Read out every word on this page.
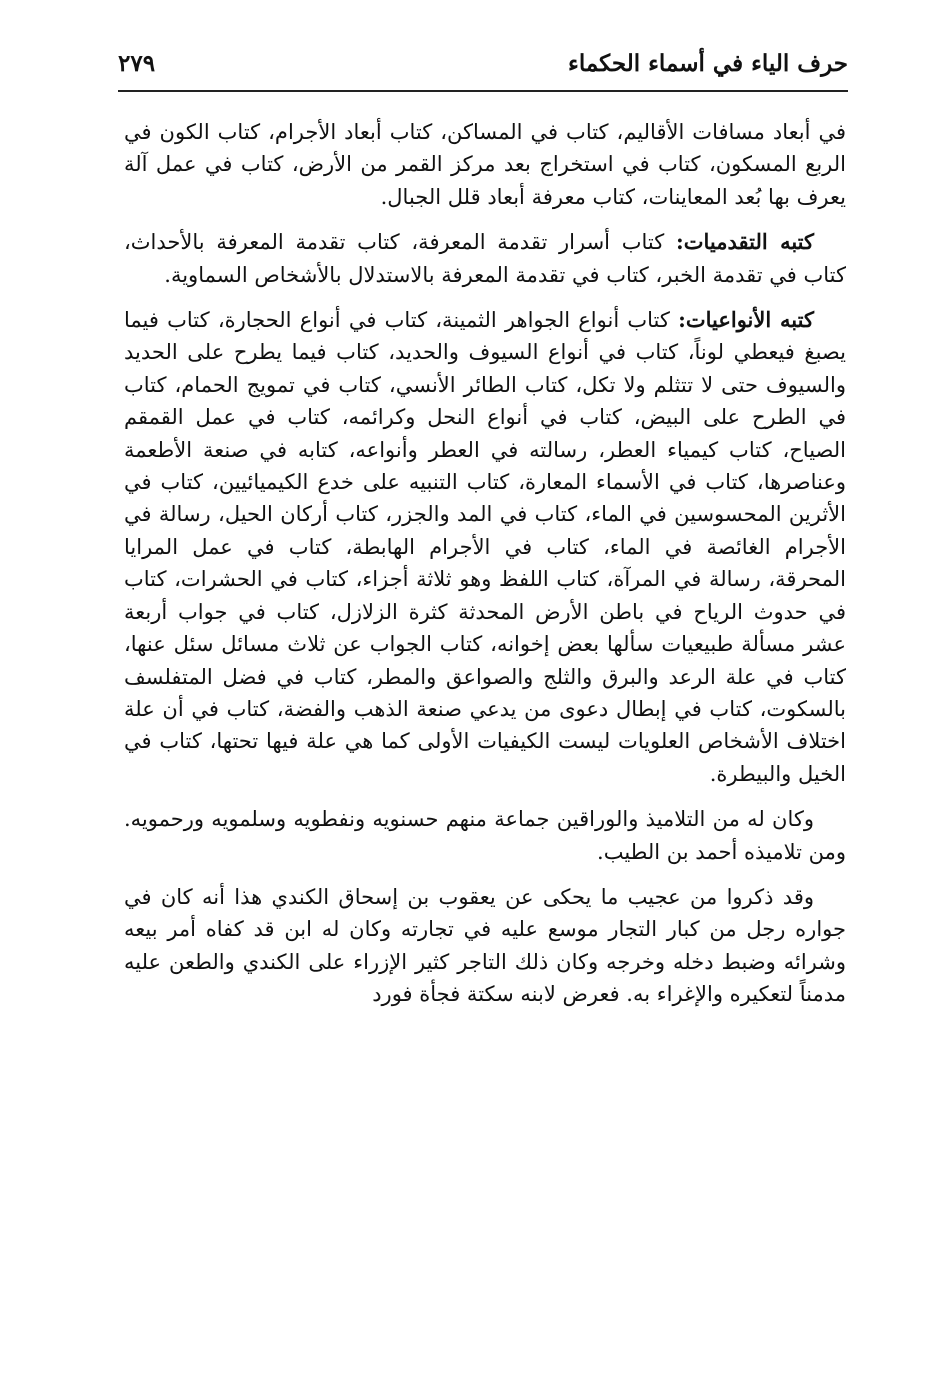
حرف الياء في أسماء الحكماء
٢٧٩

في أبعاد مسافات الأقاليم، كتاب في المساكن، كتاب أبعاد الأجرام، كتاب الكون في الربع المسكون، كتاب في استخراج بعد مركز القمر من الأرض، كتاب في عمل آلة يعرف بها بُعد المعاينات، كتاب معرفة أبعاد قلل الجبال.

كتبه التقدميات: كتاب أسرار تقدمة المعرفة، كتاب تقدمة المعرفة بالأحداث، كتاب في تقدمة الخبر، كتاب في تقدمة المعرفة بالاستدلال بالأشخاص السماوية.

كتبه الأنواعيات: كتاب أنواع الجواهر الثمينة، كتاب في أنواع الحجارة، كتاب فيما يصبغ فيعطي لوناً، كتاب في أنواع السيوف والحديد، كتاب فيما يطرح على الحديد والسيوف حتى لا تتثلم ولا تكل، كتاب الطائر الأنسي، كتاب في تمويج الحمام، كتاب في الطرح على البيض، كتاب في أنواع النحل وكرائمه، كتاب في عمل القمقم الصياح، كتاب كيمياء العطر، رسالته في العطر وأنواعه، كتابه في صنعة الأطعمة وعناصرها، كتاب في الأسماء المعارة، كتاب التنبيه على خدع الكيميائيين، كتاب في الأثرين المحسوسين في الماء، كتاب في المد والجزر، كتاب أركان الحيل، رسالة في الأجرام الغائصة في الماء، كتاب في الأجرام الهابطة، كتاب في عمل المرايا المحرقة، رسالة في المرآة، كتاب اللفظ وهو ثلاثة أجزاء، كتاب في الحشرات، كتاب في حدوث الرياح في باطن الأرض المحدثة كثرة الزلازل، كتاب في جواب أربعة عشر مسألة طبيعيات سألها بعض إخوانه، كتاب الجواب عن ثلاث مسائل سئل عنها، كتاب في علة الرعد والبرق والثلج والصواعق والمطر، كتاب في فضل المتفلسف بالسكوت، كتاب في إبطال دعوى من يدعي صنعة الذهب والفضة، كتاب في أن علة اختلاف الأشخاص العلويات ليست الكيفيات الأولى كما هي علة فيها تحتها، كتاب في الخيل والبيطرة.

وكان له من التلاميذ والوراقين جماعة منهم حسنويه ونفطويه وسلمويه ورحمويه. ومن تلاميذه أحمد بن الطيب.

وقد ذكروا من عجيب ما يحكى عن يعقوب بن إسحاق الكندي هذا أنه كان في جواره رجل من كبار التجار موسع عليه في تجارته وكان له ابن قد كفاه أمر بيعه وشرائه وضبط دخله وخرجه وكان ذلك التاجر كثير الإزراء على الكندي والطعن عليه مدمناً لتعكيره والإغراء به. فعرض لابنه سكتة فجأة فورد
